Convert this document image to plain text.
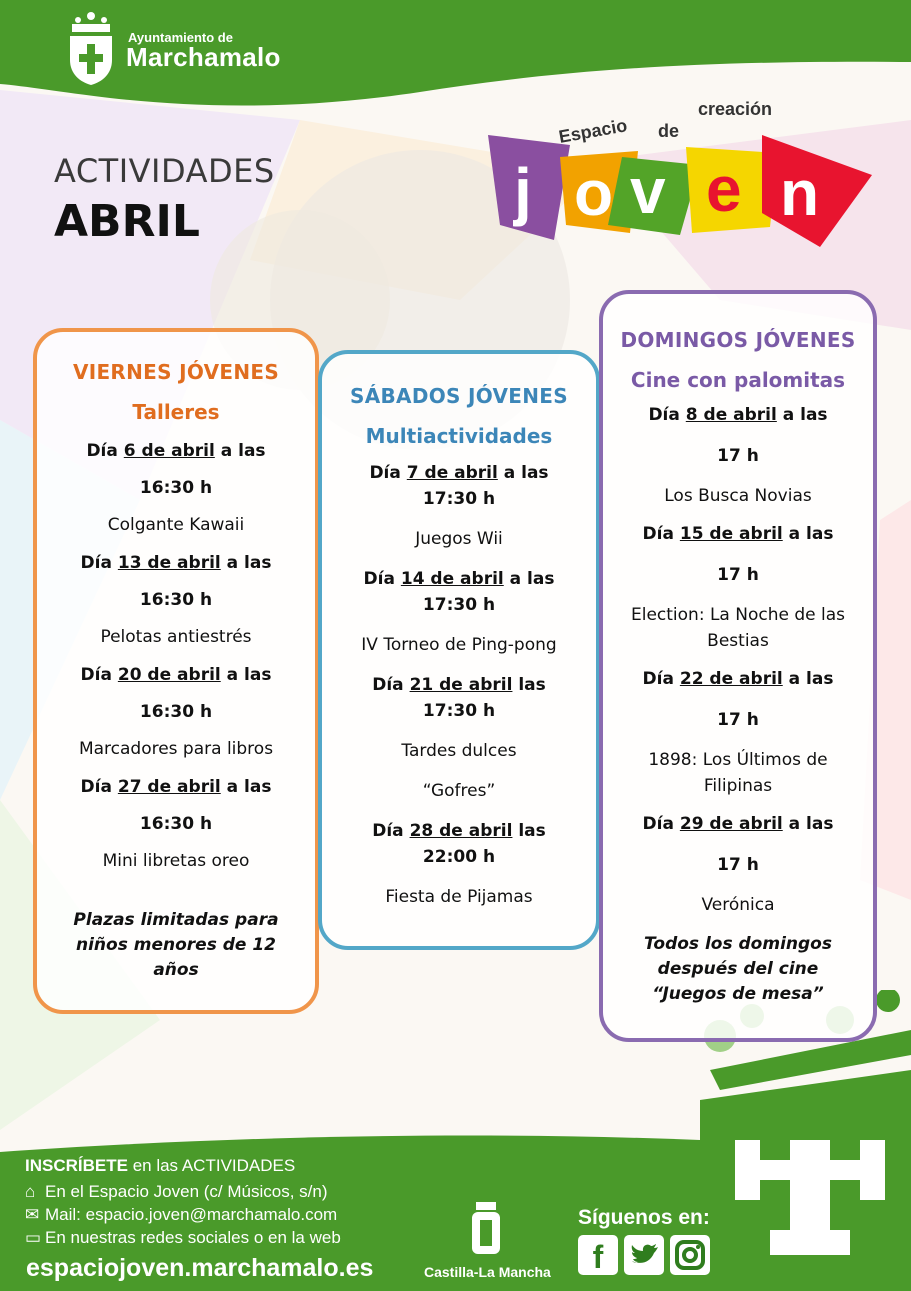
Ayuntamiento de
Marchamalo
ACTIVIDADES
ABRIL
Espacio de
creación
j o v e n
VIERNES JÓVENES
Talleres
Día 6 de abril a las
16:30 h
Colgante Kawaii
Día 13 de abril a las
16:30 h
Pelotas antiestrés
Día 20 de abril a las
16:30 h
Marcadores para libros
Día 27 de abril a las
16:30 h
Mini libretas oreo
Plazas limitadas para niños menores de 12 años
SÁBADOS JÓVENES
Multiactividades
Día 7 de abril a las
17:30 h
Juegos Wii
Día 14 de abril a las
17:30 h
IV Torneo de Ping-pong
Día 21 de abril las
17:30 h
Tardes dulces
“Gofres”
Día 28 de abril las
22:00 h
Fiesta de Pijamas
DOMINGOS JÓVENES
Cine con palomitas
Día 8 de abril a las
17 h
Los Busca Novias
Día 15 de abril a las
17 h
Election: La Noche de las Bestias
Día 22 de abril a las
17 h
1898: Los Últimos de Filipinas
Día 29 de abril a las
17 h
Verónica
Todos los domingos después del cine
“Juegos de mesa”
INSCRÍBETE en las ACTIVIDADES
⌂ En el Espacio Joven (c/ Músicos, s/n)
✉ Mail: espacio.joven@marchamalo.com
▭ En nuestras redes sociales o en la web
espaciojoven.marchamalo.es	Castilla-La Mancha
Síguenos en:
f
